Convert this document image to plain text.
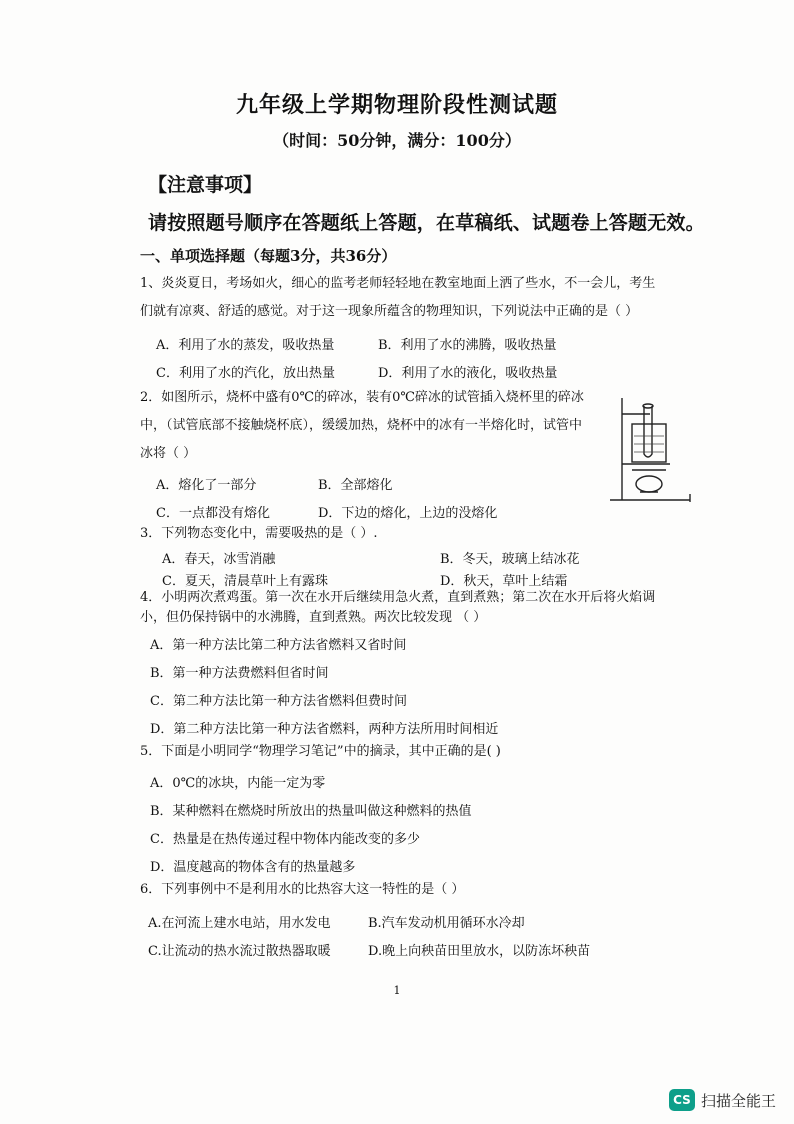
九年级上学期物理阶段性测试题
（时间：50分钟，满分：100分）
【注意事项】
请按照题号顺序在答题纸上答题，在草稿纸、试题卷上答题无效。
一、单项选择题（每题3分，共36分）
1、炎炎夏日，考场如火，细心的监考老师轻轻地在教室地面上洒了些水，不一会儿，考生
们就有凉爽、舒适的感觉。对于这一现象所蕴含的物理知识，下列说法中正确的是（ ）
A．利用了水的蒸发，吸收热量	B．利用了水的沸腾，吸收热量
C．利用了水的汽化，放出热量	D．利用了水的液化，吸收热量
2．如图所示，烧杯中盛有0℃的碎冰，装有0℃碎冰的试管插入烧杯里的碎冰
中，（试管底部不接触烧杯底），缓缓加热，烧杯中的冰有一半熔化时，试管中
冰将（ ）
A．熔化了一部分	B．全部熔化
C．一点都没有熔化	D．下边的熔化，上边的没熔化
3．下列物态变化中，需要吸热的是（ ）.
A．春天，冰雪消融	B．冬天，玻璃上结冰花
C．夏天，清晨草叶上有露珠	D．秋天，草叶上结霜
4．小明两次煮鸡蛋。第一次在水开后继续用急火煮，直到煮熟；第二次在水开后将火焰调
小，但仍保持锅中的水沸腾，直到煮熟。两次比较发现 （ ）
A．第一种方法比第二种方法省燃料又省时间
B．第一种方法费燃料但省时间
C．第二种方法比第一种方法省燃料但费时间
D．第二种方法比第一种方法省燃料，两种方法所用时间相近
5．下面是小明同学“物理学习笔记”中的摘录，其中正确的是( )
A．0℃的冰块，内能一定为零
B．某种燃料在燃烧时所放出的热量叫做这种燃料的热值
C．热量是在热传递过程中物体内能改变的多少
D．温度越高的物体含有的热量越多
6．下列事例中不是利用水的比热容大这一特性的是（ ）
A.在河流上建水电站，用水发电	B.汽车发动机用循环水冷却
C.让流动的热水流过散热器取暖	D.晚上向秧苗田里放水，以防冻坏秧苗
1
CS 扫描全能王
